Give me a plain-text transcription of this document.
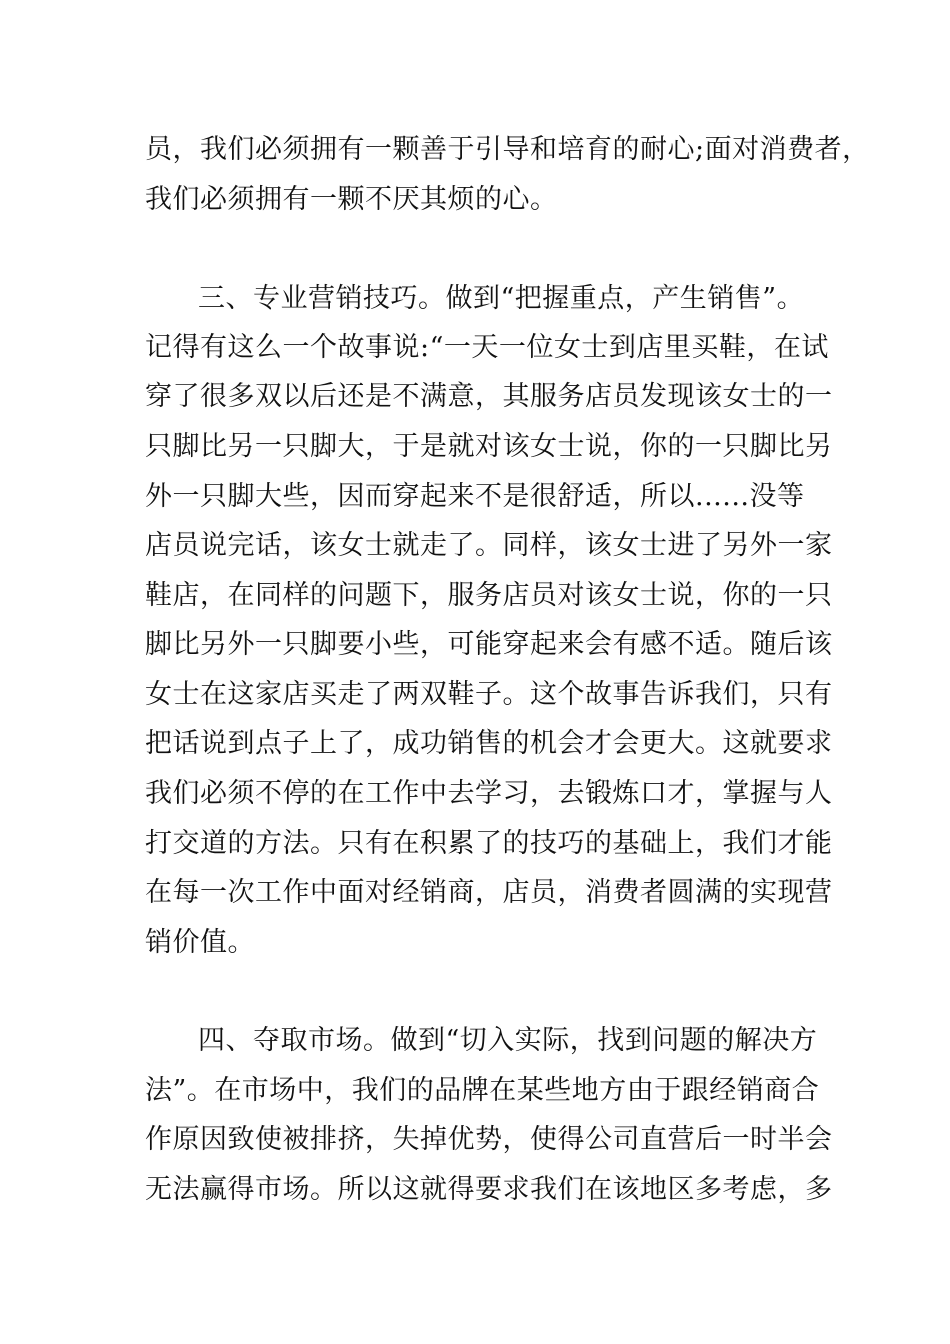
员，我们必须拥有一颗善于引导和培育的耐心;面对消费者，
我们必须拥有一颗不厌其烦的心。
三、专业营销技巧。做到“把握重点，产生销售”。
记得有这么一个故事说:“一天一位女士到店里买鞋，在试
穿了很多双以后还是不满意，其服务店员发现该女士的一
只脚比另一只脚大，于是就对该女士说，你的一只脚比另
外一只脚大些，因而穿起来不是很舒适，所以......没等
店员说完话，该女士就走了。同样，该女士进了另外一家
鞋店，在同样的问题下，服务店员对该女士说，你的一只
脚比另外一只脚要小些，可能穿起来会有感不适。随后该
女士在这家店买走了两双鞋子。这个故事告诉我们，只有
把话说到点子上了，成功销售的机会才会更大。这就要求
我们必须不停的在工作中去学习，去锻炼口才，掌握与人
打交道的方法。只有在积累了的技巧的基础上，我们才能
在每一次工作中面对经销商，店员，消费者圆满的实现营
销价值。
四、夺取市场。做到“切入实际，找到问题的解决方
法”。在市场中，我们的品牌在某些地方由于跟经销商合
作原因致使被排挤，失掉优势，使得公司直营后一时半会
无法赢得市场。所以这就得要求我们在该地区多考虑，多
